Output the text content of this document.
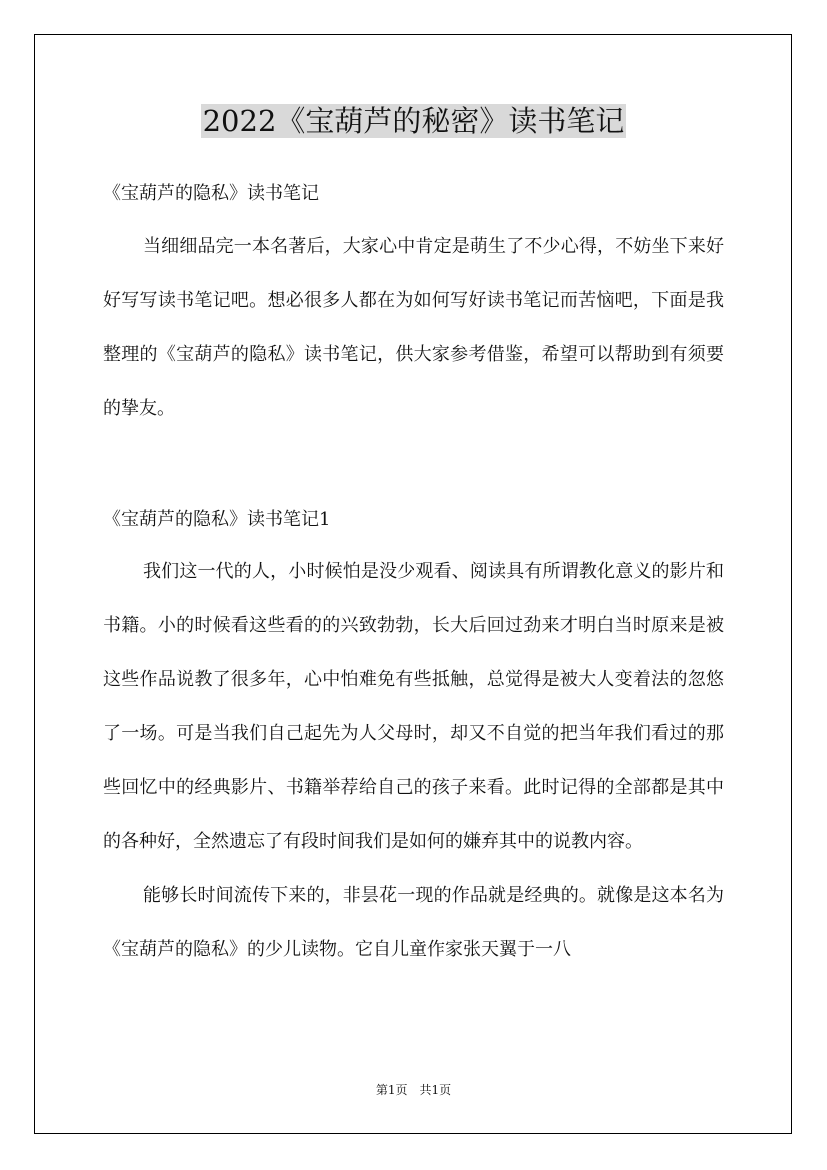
2022《宝葫芦的秘密》读书笔记

《宝葫芦的隐私》读书笔记

当细细品完一本名著后，大家心中肯定是萌生了不少心得，不妨坐下来好好写写读书笔记吧。想必很多人都在为如何写好读书笔记而苦恼吧，下面是我整理的《宝葫芦的隐私》读书笔记，供大家参考借鉴，希望可以帮助到有须要的挚友。

《宝葫芦的隐私》读书笔记1

我们这一代的人，小时候怕是没少观看、阅读具有所谓教化意义的影片和书籍。小的时候看这些看的的兴致勃勃，长大后回过劲来才明白当时原来是被这些作品说教了很多年，心中怕难免有些抵触，总觉得是被大人变着法的忽悠了一场。可是当我们自己起先为人父母时，却又不自觉的把当年我们看过的那些回忆中的经典影片、书籍举荐给自己的孩子来看。此时记得的全部都是其中的各种好，全然遗忘了有段时间我们是如何的嫌弃其中的说教内容。

能够长时间流传下来的，非昙花一现的作品就是经典的。就像是这本名为《宝葫芦的隐私》的少儿读物。它自儿童作家张天翼于一八

第1页　共1页
